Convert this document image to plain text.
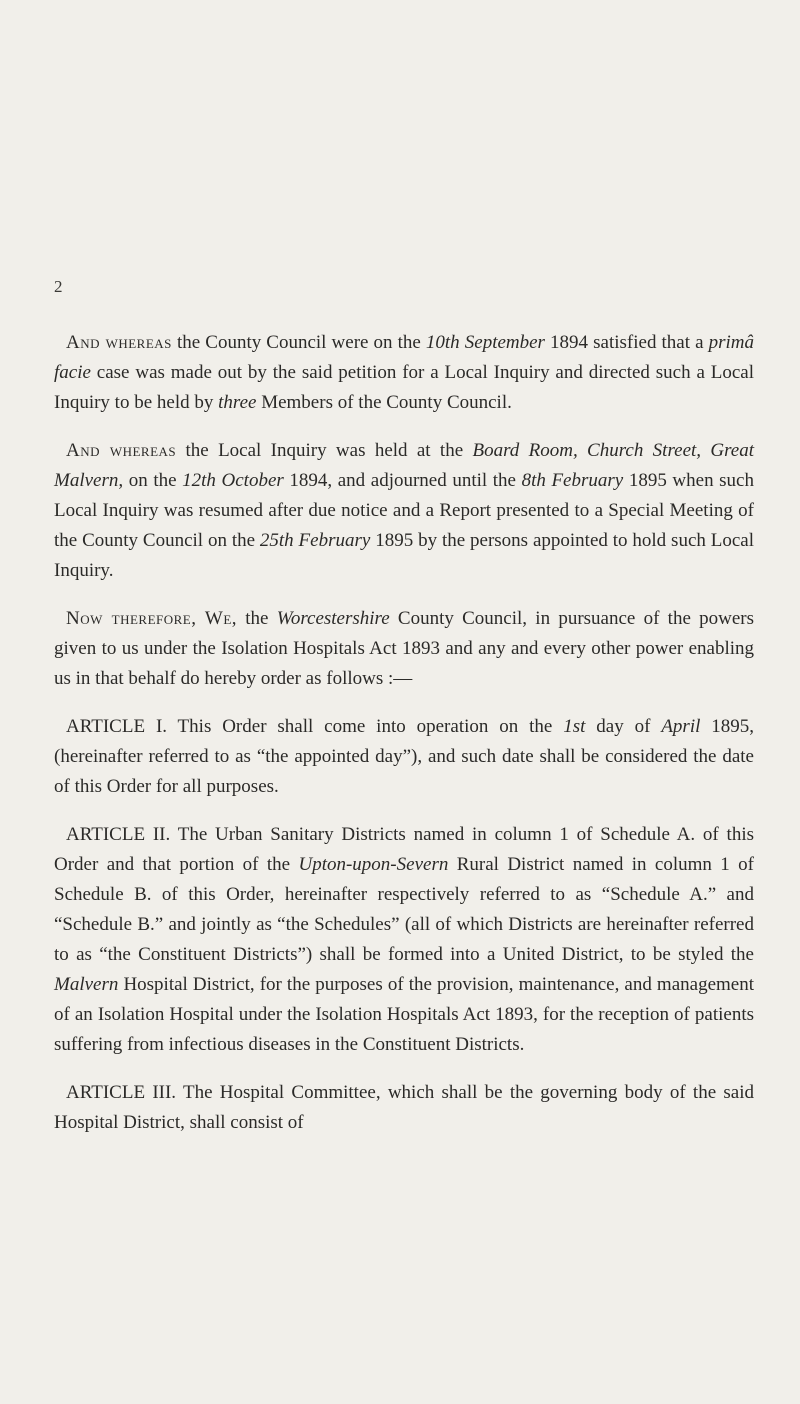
2

And whereas the County Council were on the 10th September 1894 satisfied that a primâ facie case was made out by the said petition for a Local Inquiry and directed such a Local Inquiry to be held by three Members of the County Council.

And whereas the Local Inquiry was held at the Board Room, Church Street, Great Malvern, on the 12th October 1894, and adjourned until the 8th February 1895 when such Local Inquiry was resumed after due notice and a Report presented to a Special Meeting of the County Council on the 25th February 1895 by the persons appointed to hold such Local Inquiry.

Now therefore, We, the Worcestershire County Council, in pursuance of the powers given to us under the Isolation Hospitals Act 1893 and any and every other power enabling us in that behalf do hereby order as follows :—

ARTICLE I. This Order shall come into operation on the 1st day of April 1895, (hereinafter referred to as “the appointed day”), and such date shall be considered the date of this Order for all purposes.

ARTICLE II. The Urban Sanitary Districts named in column 1 of Schedule A. of this Order and that portion of the Upton-upon-Severn Rural District named in column 1 of Schedule B. of this Order, hereinafter respectively referred to as “Schedule A.” and “Schedule B.” and jointly as “the Schedules” (all of which Districts are hereinafter referred to as “the Constituent Districts”) shall be formed into a United District, to be styled the Malvern Hospital District, for the purposes of the provision, maintenance, and management of an Isolation Hospital under the Isolation Hospitals Act 1893, for the reception of patients suffering from infectious diseases in the Constituent Districts.

ARTICLE III. The Hospital Committee, which shall be the governing body of the said Hospital District, shall consist of
